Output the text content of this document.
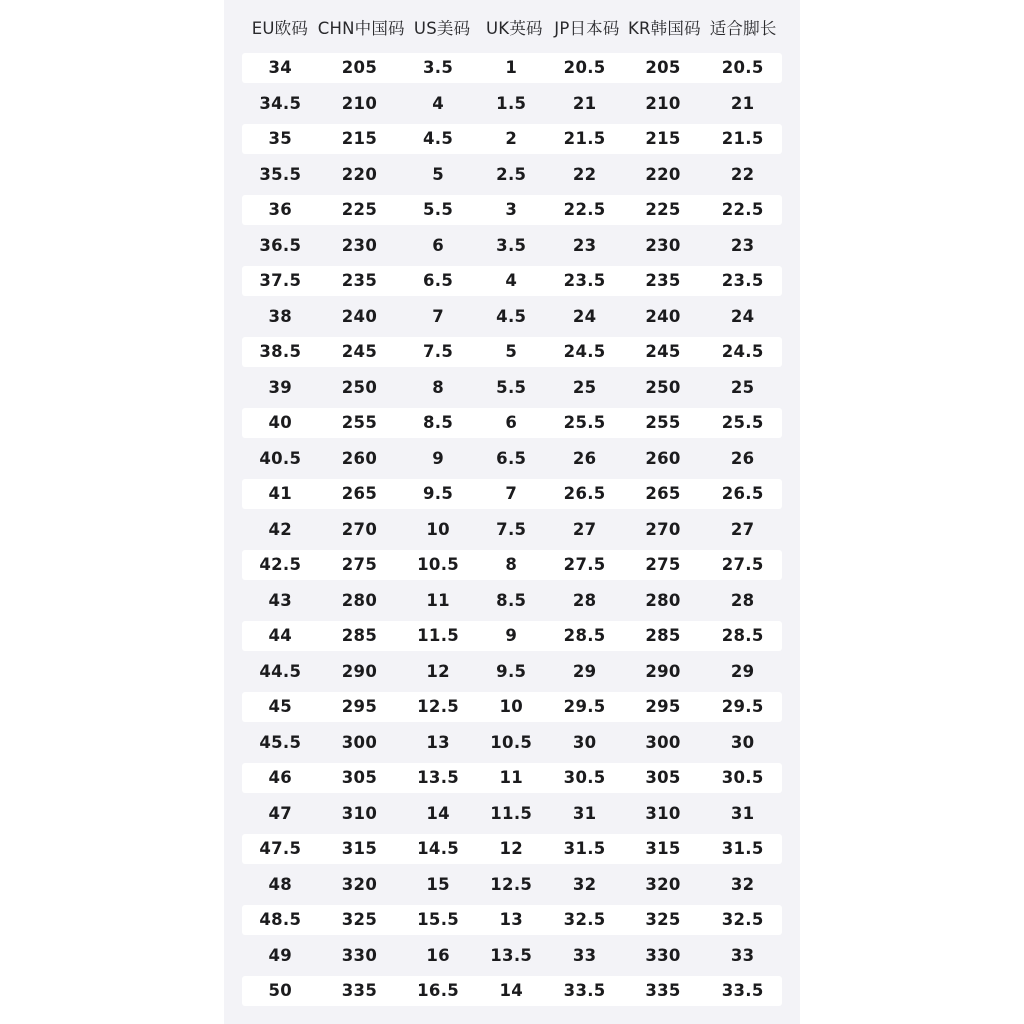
EU欧码 CHN中国码 US美码 UK英码 JP日本码 KR韩国码 适合脚长
34	205	3.5	1	20.5	205	20.5
34.5	210	4	1.5	21	210	21
35	215	4.5	2	21.5	215	21.5
35.5	220	5	2.5	22	220	22
36	225	5.5	3	22.5	225	22.5
36.5	230	6	3.5	23	230	23
37.5	235	6.5	4	23.5	235	23.5
38	240	7	4.5	24	240	24
38.5	245	7.5	5	24.5	245	24.5
39	250	8	5.5	25	250	25
40	255	8.5	6	25.5	255	25.5
40.5	260	9	6.5	26	260	26
41	265	9.5	7	26.5	265	26.5
42	270	10	7.5	27	270	27
42.5	275	10.5	8	27.5	275	27.5
43	280	11	8.5	28	280	28
44	285	11.5	9	28.5	285	28.5
44.5	290	12	9.5	29	290	29
45	295	12.5	10	29.5	295	29.5
45.5	300	13	10.5	30	300	30
46	305	13.5	11	30.5	305	30.5
47	310	14	11.5	31	310	31
47.5	315	14.5	12	31.5	315	31.5
48	320	15	12.5	32	320	32
48.5	325	15.5	13	32.5	325	32.5
49	330	16	13.5	33	330	33
50	335	16.5	14	33.5	335	33.5
